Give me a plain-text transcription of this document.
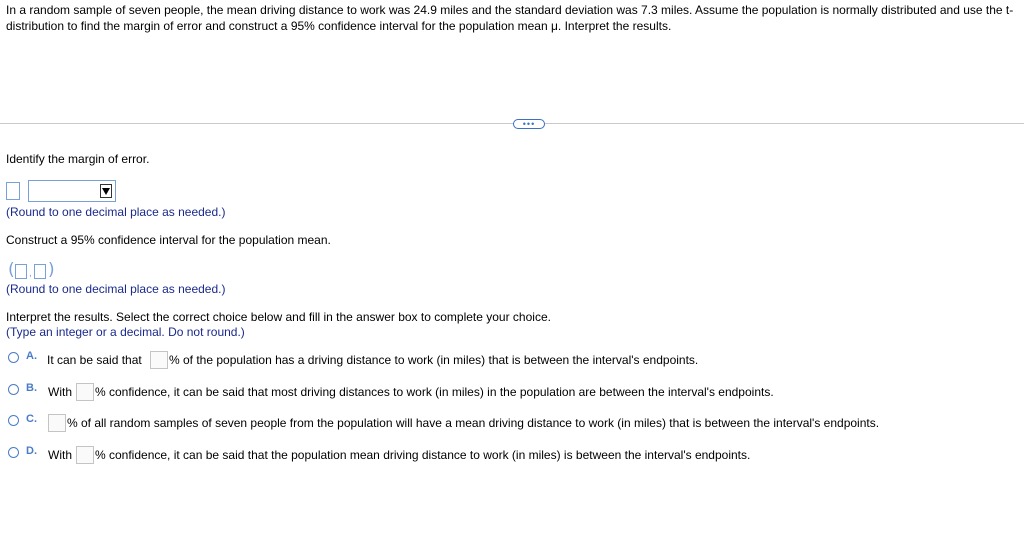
In a random sample of seven people, the mean driving distance to work was 24.9 miles and the standard deviation was 7.3 miles. Assume the population is normally distributed and use the t-distribution to find the margin of error and construct a 95% confidence interval for the population mean μ. Interpret the results.

•••
Identify the margin of error.
(Round to one decimal place as needed.)
Construct a 95% confidence interval for the population mean.
( , )
(Round to one decimal place as needed.)
Interpret the results. Select the correct choice below and fill in the answer box to complete your choice.
(Type an integer or a decimal. Do not round.)
A. It can be said that % of the population has a driving distance to work (in miles) that is between the interval's endpoints.
B. With % confidence, it can be said that most driving distances to work (in miles) in the population are between the interval's endpoints.
C.	% of all random samples of seven people from the population will have a mean driving distance to work (in miles) that is between the interval's endpoints.
D. With % confidence, it can be said that the population mean driving distance to work (in miles) is between the interval's endpoints.
